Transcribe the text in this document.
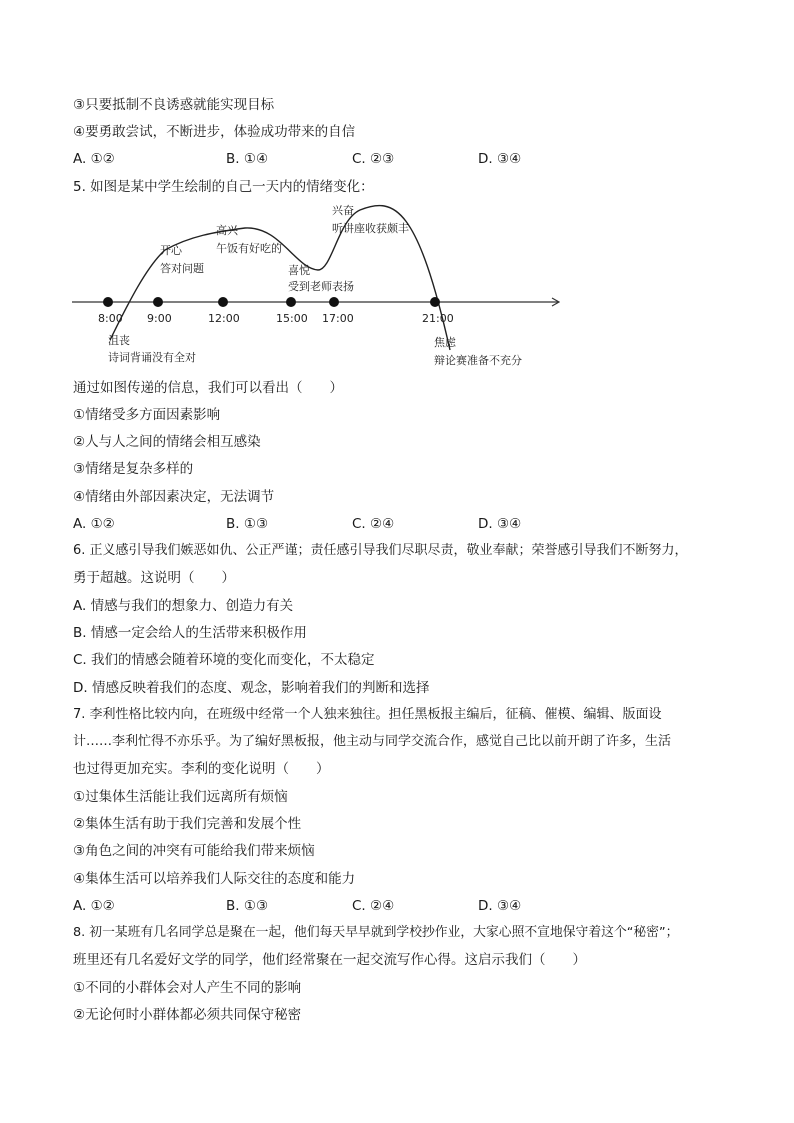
③只要抵制不良诱惑就能实现目标
④要勇敢尝试，不断进步，体验成功带来的自信
A. ①②	B. ①④	C. ②③	D. ③④
5. 如图是某中学生绘制的自己一天内的情绪变化：
8:00 9:00	12:00	15:00 17:00	21:00
沮丧
诗词背诵没有全对
开心
答对问题
高兴
午饭有好吃的
喜悦
受到老师表扬
兴奋
听讲座收获颇丰
焦虑
辩论赛准备不充分
通过如图传递的信息，我们可以看出（　　）
①情绪受多方面因素影响
②人与人之间的情绪会相互感染
③情绪是复杂多样的
④情绪由外部因素决定，无法调节
A. ①②	B. ①③	C. ②④	D. ③④
6. 正义感引导我们嫉恶如仇、公正严谨；责任感引导我们尽职尽责，敬业奉献；荣誉感引导我们不断努力，
勇于超越。这说明（　　）
A. 情感与我们的想象力、创造力有关
B. 情感一定会给人的生活带来积极作用
C. 我们的情感会随着环境的变化而变化，不太稳定
D. 情感反映着我们的态度、观念，影响着我们的判断和选择
7. 李利性格比较内向，在班级中经常一个人独来独往。担任黑板报主编后，征稿、催模、编辑、版面设
计……李利忙得不亦乐乎。为了编好黑板报，他主动与同学交流合作，感觉自己比以前开朗了许多，生活
也过得更加充实。李利的变化说明（　　）
①过集体生活能让我们远离所有烦恼
②集体生活有助于我们完善和发展个性
③角色之间的冲突有可能给我们带来烦恼
④集体生活可以培养我们人际交往的态度和能力
A. ①②	B. ①③	C. ②④	D. ③④
8. 初一某班有几名同学总是聚在一起，他们每天早早就到学校抄作业，大家心照不宣地保守着这个“秘密”；
班里还有几名爱好文学的同学，他们经常聚在一起交流写作心得。这启示我们（　　）
①不同的小群体会对人产生不同的影响
②无论何时小群体都必须共同保守秘密
